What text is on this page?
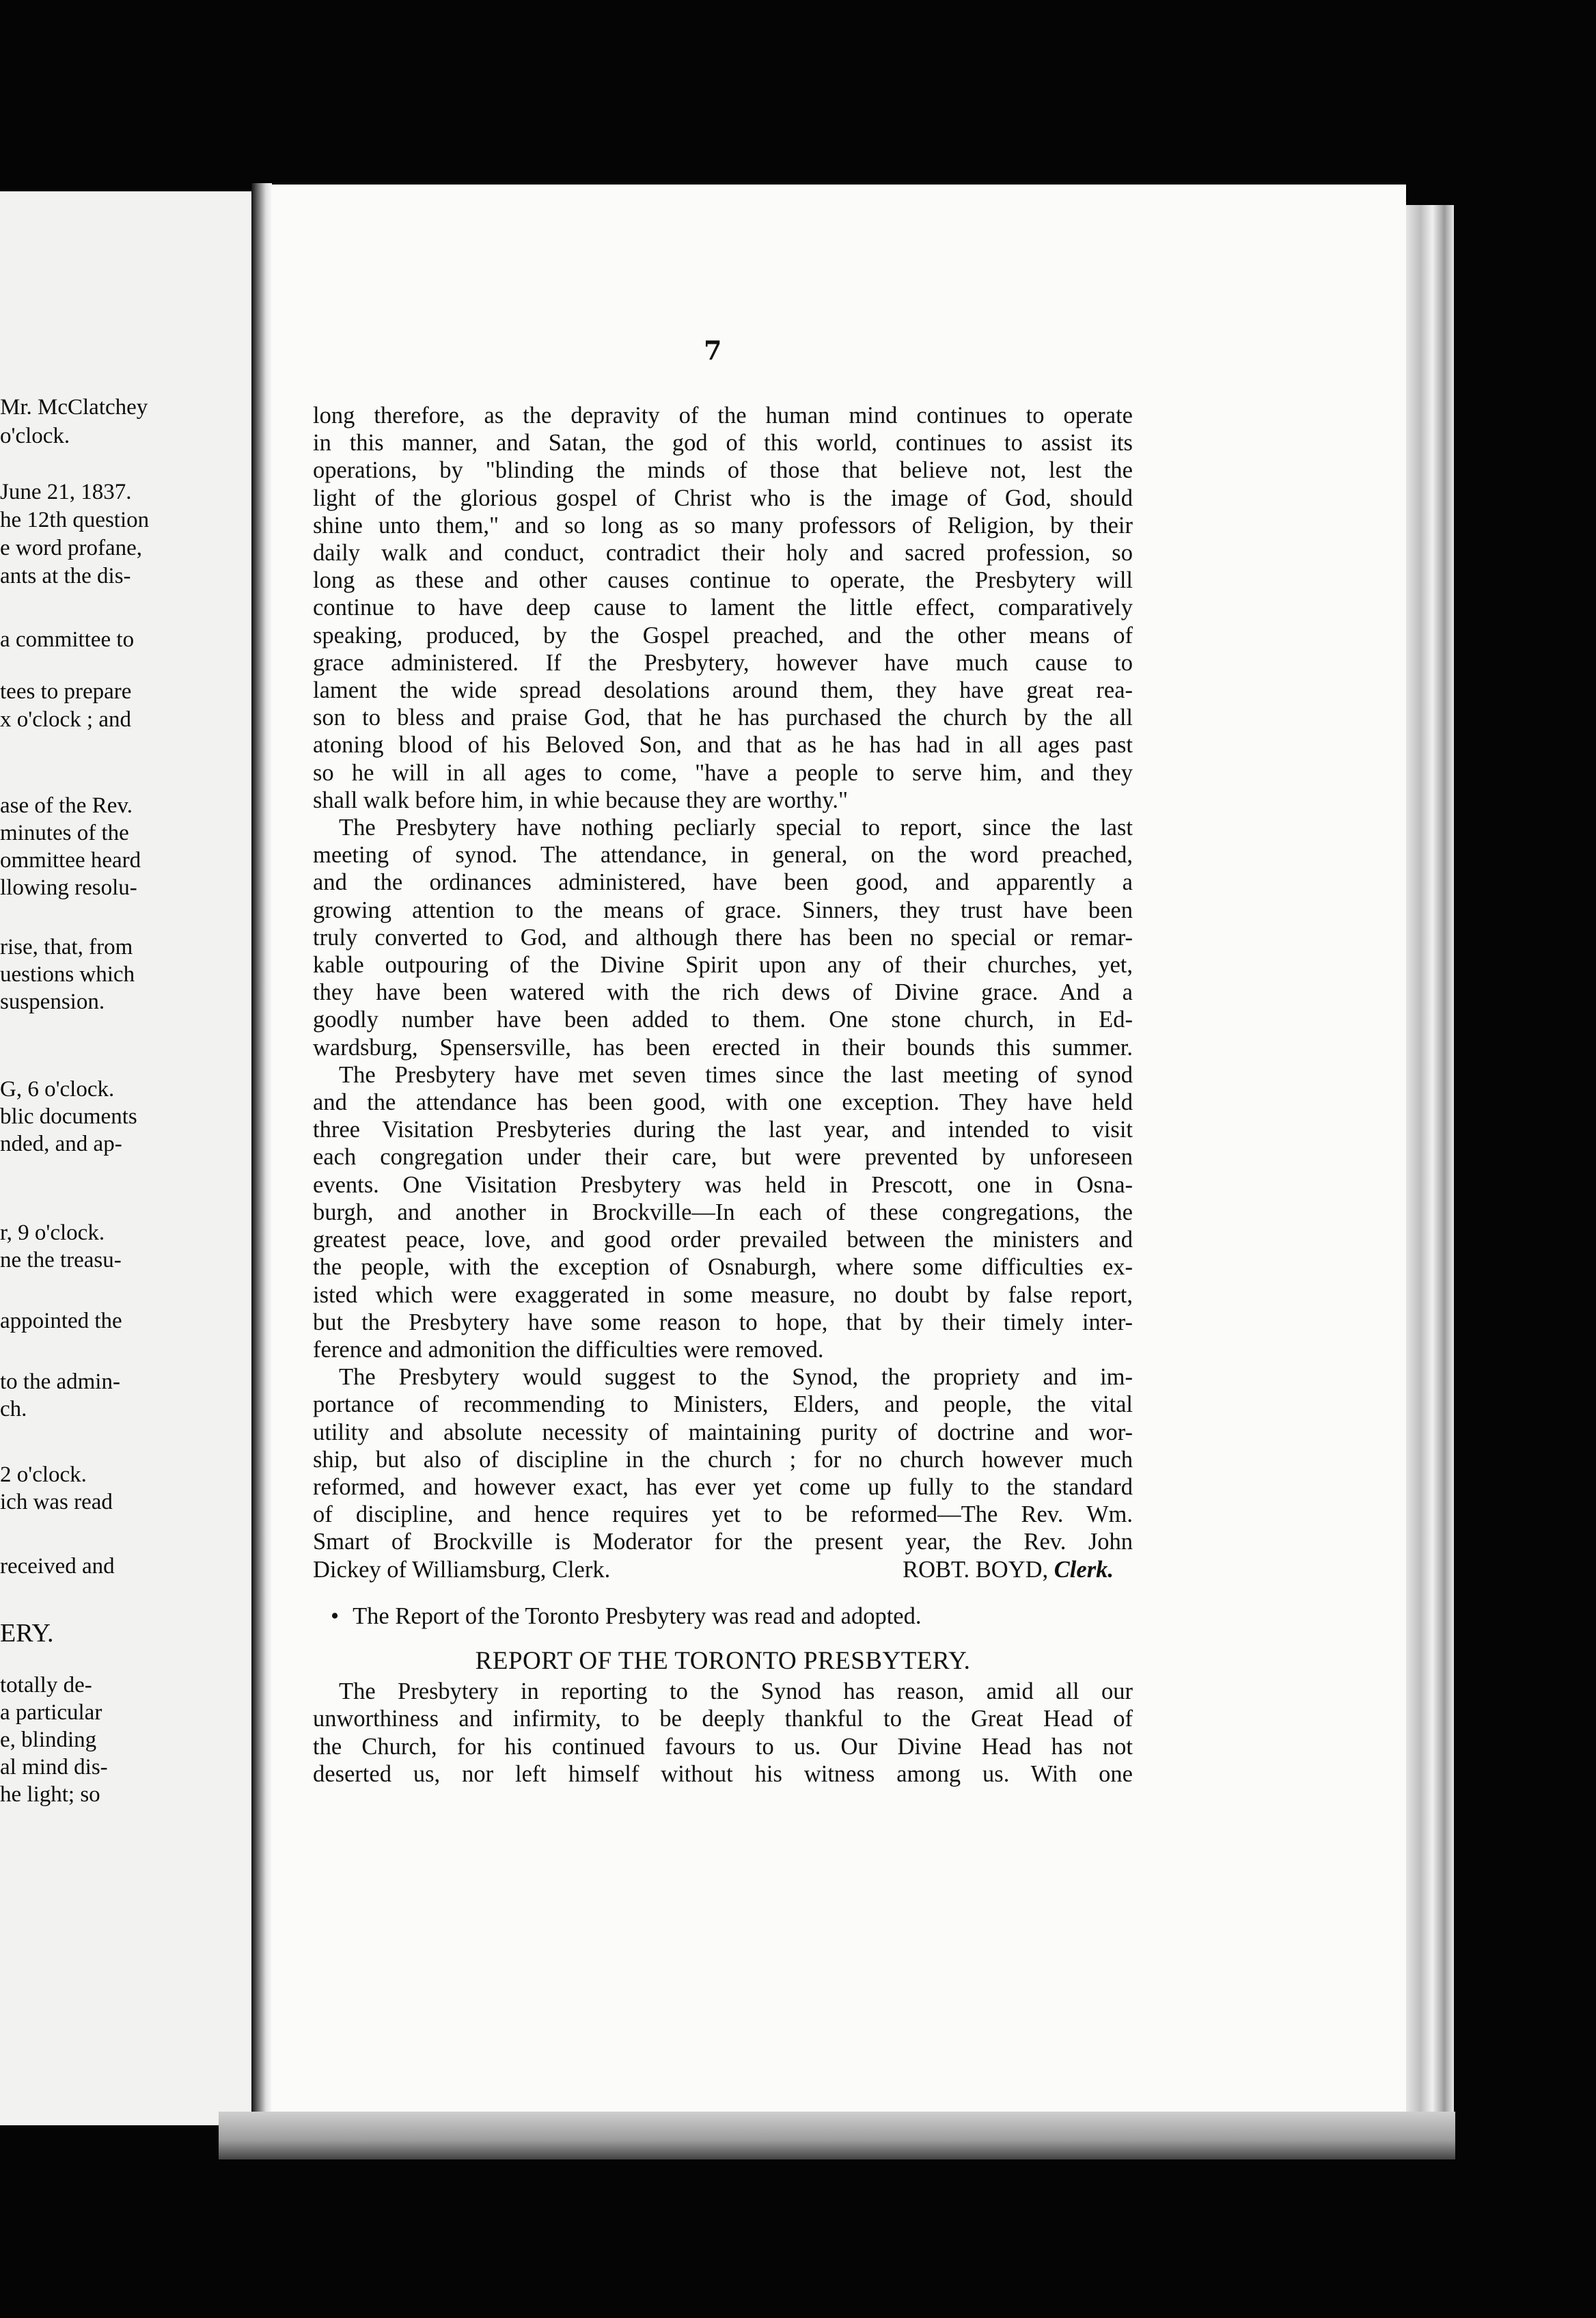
Mr. McClatchey
o'clock.
June 21, 1837.
he 12th question
e word profane,
ants at the dis-
a committee to
tees to prepare
x o'clock ; and
ase of the Rev.
minutes of the
ommittee heard
llowing resolu-
rise, that, from
uestions which
suspension.
G, 6 o'clock.
blic documents
nded, and ap-
r, 9 o'clock.
ne the treasu-
appointed the
to the admin-
ch.
2 o'clock.
ich was read
received and
ERY.
totally de-
a particular
e, blinding
al mind dis-
he light; so
7
long therefore, as the depravity of the human mind continues to operate
in this manner, and Satan, the god of this world, continues to assist its
operations, by "blinding the minds of those that believe not, lest the
light of the glorious gospel of Christ who is the image of God, should
shine unto them," and so long as so many professors of Religion, by their
daily walk and conduct, contradict their holy and sacred profession, so
long as these and other causes continue to operate, the Presbytery will
continue to have deep cause to lament the little effect, comparatively
speaking, produced, by the Gospel preached, and the other means of
grace administered. If the Presbytery, however have much cause to
lament the wide spread desolations around them, they have great rea-
son to bless and praise God, that he has purchased the church by the all
atoning blood of his Beloved Son, and that as he has had in all ages past
so he will in all ages to come, "have a people to serve him, and they
shall walk before him, in whie because they are worthy."
The Presbytery have nothing pecliarly special to report, since the last
meeting of synod. The attendance, in general, on the word preached,
and the ordinances administered, have been good, and apparently a
growing attention to the means of grace. Sinners, they trust have been
truly converted to God, and although there has been no special or remar-
kable outpouring of the Divine Spirit upon any of their churches, yet,
they have been watered with the rich dews of Divine grace. And a
goodly number have been added to them. One stone church, in Ed-
wardsburg, Spensersville, has been erected in their bounds this summer.
The Presbytery have met seven times since the last meeting of synod
and the attendance has been good, with one exception. They have held
three Visitation Presbyteries during the last year, and intended to visit
each congregation under their care, but were prevented by unforeseen
events. One Visitation Presbytery was held in Prescott, one in Osna-
burgh, and another in Brockville—In each of these congregations, the
greatest peace, love, and good order prevailed between the ministers and
the people, with the exception of Osnaburgh, where some difficulties ex-
isted which were exaggerated in some measure, no doubt by false report,
but the Presbytery have some reason to hope, that by their timely inter-
ference and admonition the difficulties were removed.
The Presbytery would suggest to the Synod, the propriety and im-
portance of recommending to Ministers, Elders, and people, the vital
utility and absolute necessity of maintaining purity of doctrine and wor-
ship, but also of discipline in the church ; for no church however much
reformed, and however exact, has ever yet come up fully to the standard
of discipline, and hence requires yet to be reformed—The Rev. Wm.
Smart of Brockville is Moderator for the present year, the Rev. John
Dickey of Williamsburg, Clerk.	ROBT. BOYD, Clerk.
• The Report of the Toronto Presbytery was read and adopted.
REPORT OF THE TORONTO PRESBYTERY.
The Presbytery in reporting to the Synod has reason, amid all our
unworthiness and infirmity, to be deeply thankful to the Great Head of
the Church, for his continued favours to us. Our Divine Head has not
deserted us, nor left himself without his witness among us. With one
